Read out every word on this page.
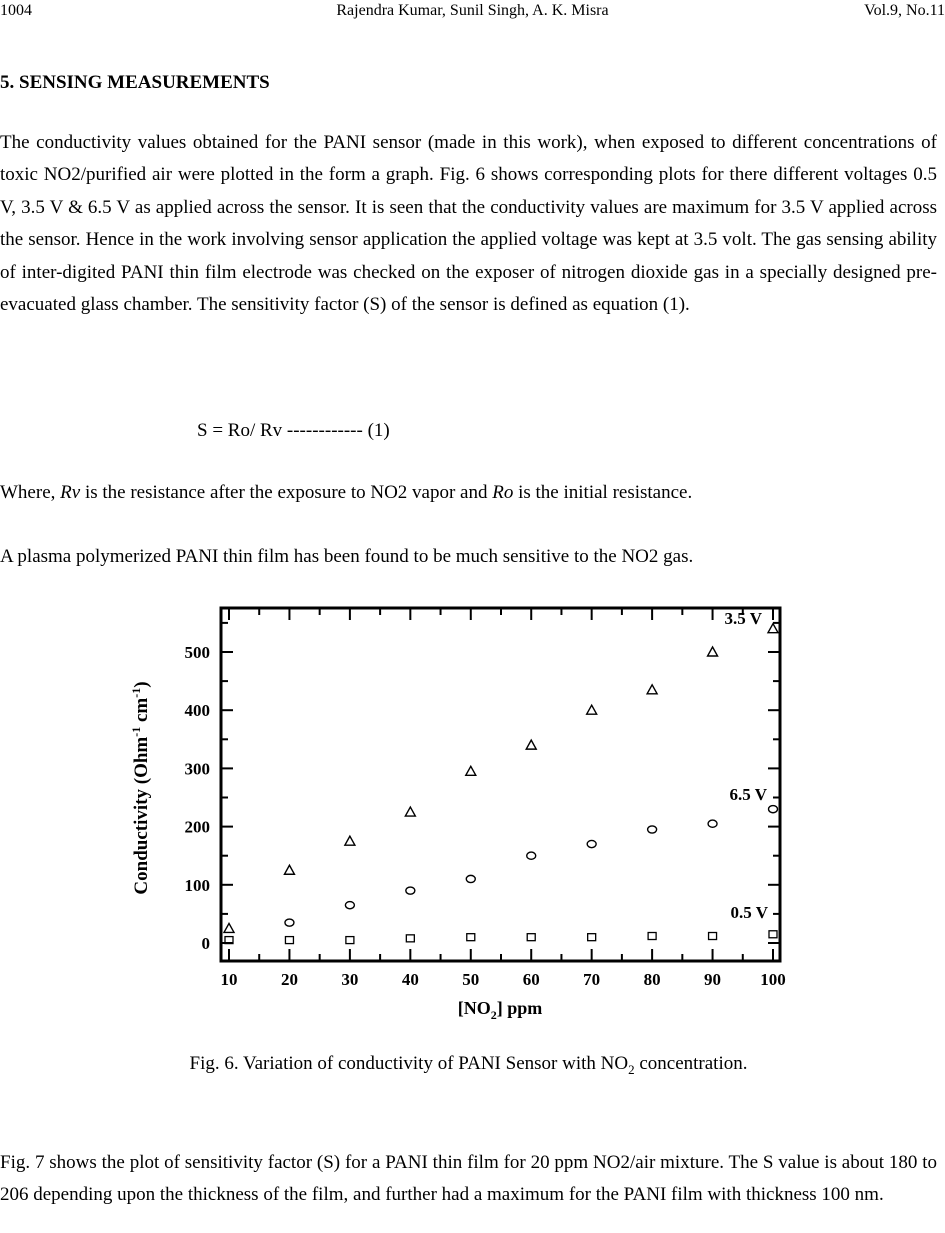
1004	Rajendra Kumar, Sunil Singh, A. K. Misra	Vol.9, No.11
5. SENSING MEASUREMENTS

The conductivity values obtained for the PANI sensor (made in this work), when exposed to different concentrations of toxic NO2/purified air were plotted in the form a graph. Fig. 6 shows corresponding plots for there different voltages 0.5 V, 3.5 V & 6.5 V as applied across the sensor. It is seen that the conductivity values are maximum for 3.5 V applied across the sensor. Hence in the work involving sensor application the applied voltage was kept at 3.5 volt. The gas sensing ability of inter-digited PANI thin film electrode was checked on the exposer of nitrogen dioxide gas in a specially designed pre-evacuated glass chamber. The sensitivity factor (S) of the sensor is defined as equation (1).

S = Ro/ Rv ------------ (1)
Where, Rv is the resistance after the exposure to NO2 vapor and Ro is the initial resistance.
A plasma polymerized PANI thin film has been found to be much sensitive to the NO2 gas.
0
100
200
300
400
500
10	20	30	40	50	60	70	80	90 100
3.5 V
6.5 V
0.5 V
Conductivity (Ohm$^{-1}$ $cm^{-1}$)
$[NO_2]$ ppm
Fig. 6. Variation of conductivity of PANI Sensor with $NO_2$ concentration.

Fig. 7 shows the plot of sensitivity factor (S) for a PANI thin film for 20 ppm NO2/air mixture. The S value is about 180 to 206 depending upon the thickness of the film, and further had a maximum for the PANI film with thickness 100 nm.
